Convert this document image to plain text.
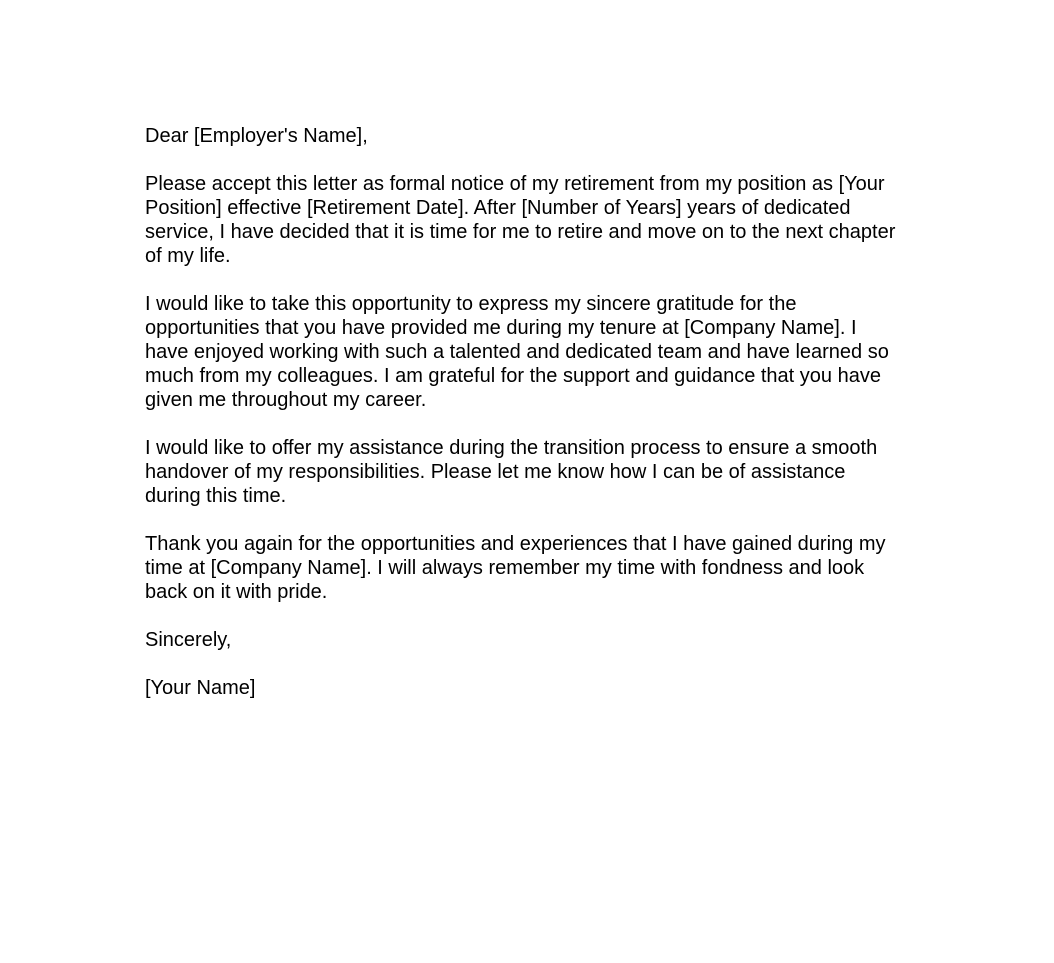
Dear [Employer's Name],

Please accept this letter as formal notice of my retirement from my position as [Your Position] effective [Retirement Date]. After [Number of Years] years of dedicated service, I have decided that it is time for me to retire and move on to the next chapter of my life.

I would like to take this opportunity to express my sincere gratitude for the opportunities that you have provided me during my tenure at [Company Name]. I have enjoyed working with such a talented and dedicated team and have learned so much from my colleagues. I am grateful for the support and guidance that you have given me throughout my career.

I would like to offer my assistance during the transition process to ensure a smooth handover of my responsibilities. Please let me know how I can be of assistance during this time.

Thank you again for the opportunities and experiences that I have gained during my time at [Company Name]. I will always remember my time with fondness and look back on it with pride.

Sincerely,

[Your Name]
